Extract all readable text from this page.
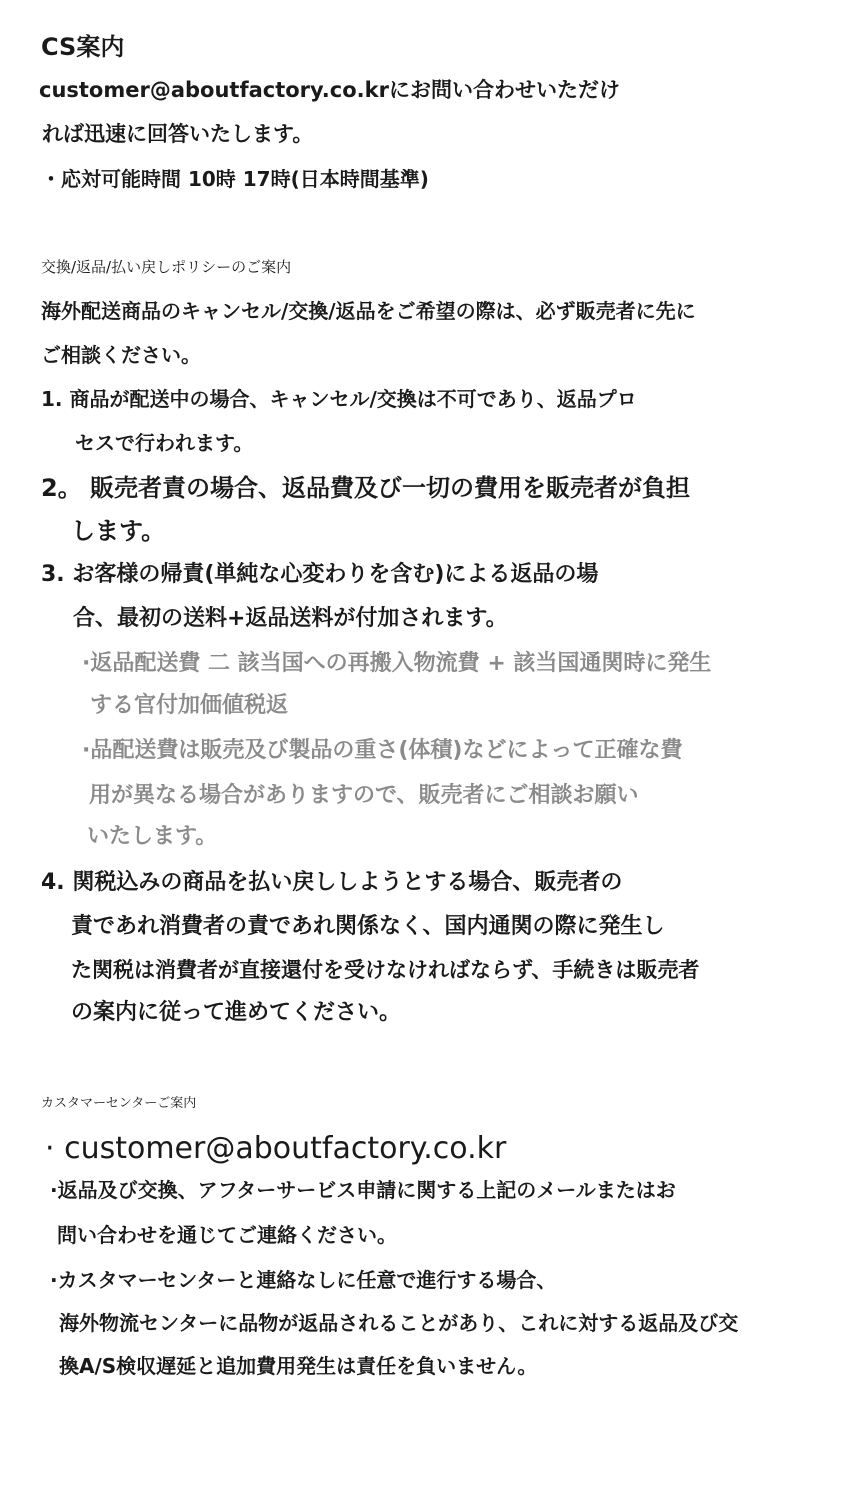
CS案内
customer@aboutfactory.co.krにお問い合わせいただけ
れば迅速に回答いたします。
・応対可能時間 10時 17時(日本時間基準)
交換/返品/払い戻しポリシーのご案内
海外配送商品のキャンセル/交換/返品をご希望の際は、必ず販売者に先に
ご相談ください。
1. 商品が配送中の場合、キャンセル/交換は不可であり、返品プロ
セスで行われます。
2。 販売者責の場合、返品費及び一切の費用を販売者が負担
します。
3. お客様の帰責(単純な心変わりを含む)による返品の場
合、最初の送料+返品送料が付加されます。
·返品配送費 二 該当国への再搬入物流費 + 該当国通関時に発生
する官付加価値税返
·品配送費は販売及び製品の重さ(体積)などによって正確な費
用が異なる場合がありますので、販売者にご相談お願い
いたします。
4. 関税込みの商品を払い戻ししようとする場合、販売者の
責であれ消費者の責であれ関係なく、国内通関の際に発生し
た関税は消費者が直接還付を受けなければならず、手続きは販売者
の案内に従って進めてください。
カスタマーセンターご案内
· customer@aboutfactory.co.kr
·返品及び交換、アフターサービス申請に関する上記のメールまたはお
問い合わせを通じてご連絡ください。
·カスタマーセンターと連絡なしに任意で進行する場合、
海外物流センターに品物が返品されることがあり、これに対する返品及び交
換A/S検収遅延と追加費用発生は責任を負いません。
